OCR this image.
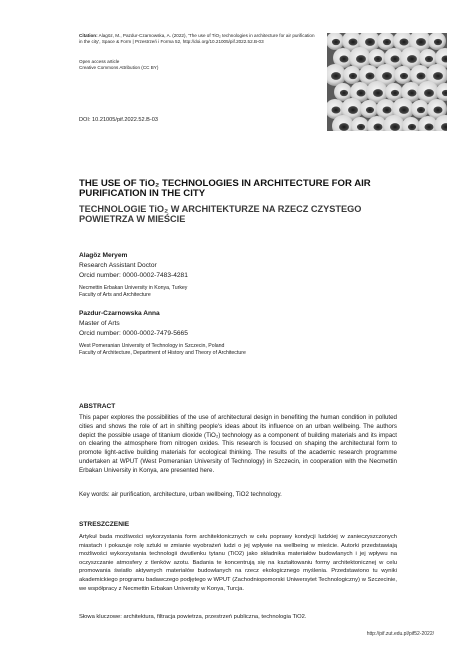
Citation: Alagöz, M., Pazdur-Czarnowska, A. (2022), 'The use of TiO₂ technologies in architecture for air purification in the city', Space & Form | Przestrzeń i Forma 52, http://doi.org/10.21005/pif.2022.52.B-03
Open access article
Creative Commons Attribution (CC BY)
DOI: 10.21005/pif.2022.52.B-03
THE USE OF TiO₂ TECHNOLOGIES IN ARCHITECTURE FOR AIR PURIFICATION IN THE CITY
TECHNOLOGIE TiO₂ W ARCHITEKTURZE NA RZECZ CZYSTEGO POWIETRZA W MIEŚCIE
Alagöz Meryem
Research Assistant Doctor
Orcid number: 0000-0002-7483-4281
Necmettin Erbakan University in Konya, Turkey
Faculty of Arts and Architecture
Pazdur-Czarnowska Anna
Master of Arts
Orcid number: 0000-0002-7479-5665
West Pomeranian University of Technology in Szczecin, Poland
Faculty of Architecture, Department of History and Theory of Architecture
ABSTRACT
This paper explores the possibilities of the use of architectural design in benefiting the human condition in polluted cities and shows the role of art in shifting people's ideas about its influence on an urban wellbeing. The authors depict the possible usage of titanium dioxide (TiO₂) technology as a component of building materials and its impact on clearing the atmosphere from nitrogen oxides. This research is focused on shaping the architectural form to promote light-active building materials for ecological thinking. The results of the academic research programme undertaken at WPUT (West Pomeranian University of Technology) in Szczecin, in cooperation with the Necmettin Erbakan University in Konya, are presented here.
Key words: air purification, architecture, urban wellbeing, TiO2 technology.
STRESZCZENIE
Artykuł bada możliwości wykorzystania form architektonicznych w celu poprawy kondycji ludzkiej w zanieczyszczonych miastach i pokazuje rolę sztuki w zmianie wyobrażeń ludzi o jej wpływie na wellbeing w mieście. Autorki przedstawiają możliwości wykorzystania technologii dwutlenku tytanu (TiO2) jako składnika materiałów budowlanych i jej wpływu na oczyszczanie atmosfery z tlenków azotu. Badania te koncentrują się na kształtowaniu formy architektonicznej w celu promowania światło aktywnych materiałów budowlanych na rzecz ekologicznego myślenia. Przedstawiono tu wyniki akademickiego programu badawczego podjętego w WPUT (Zachodniopomorski Uniwersytet Technologiczny) w Szczecinie, we współpracy z Necmettin Erbakan University w Konya, Turcja.
Słowa kluczowe: architektura, filtracja powietrza, przestrzeń publiczna, technologia TiO2.
http://pif.zut.edu.pl/pif52-2022/
